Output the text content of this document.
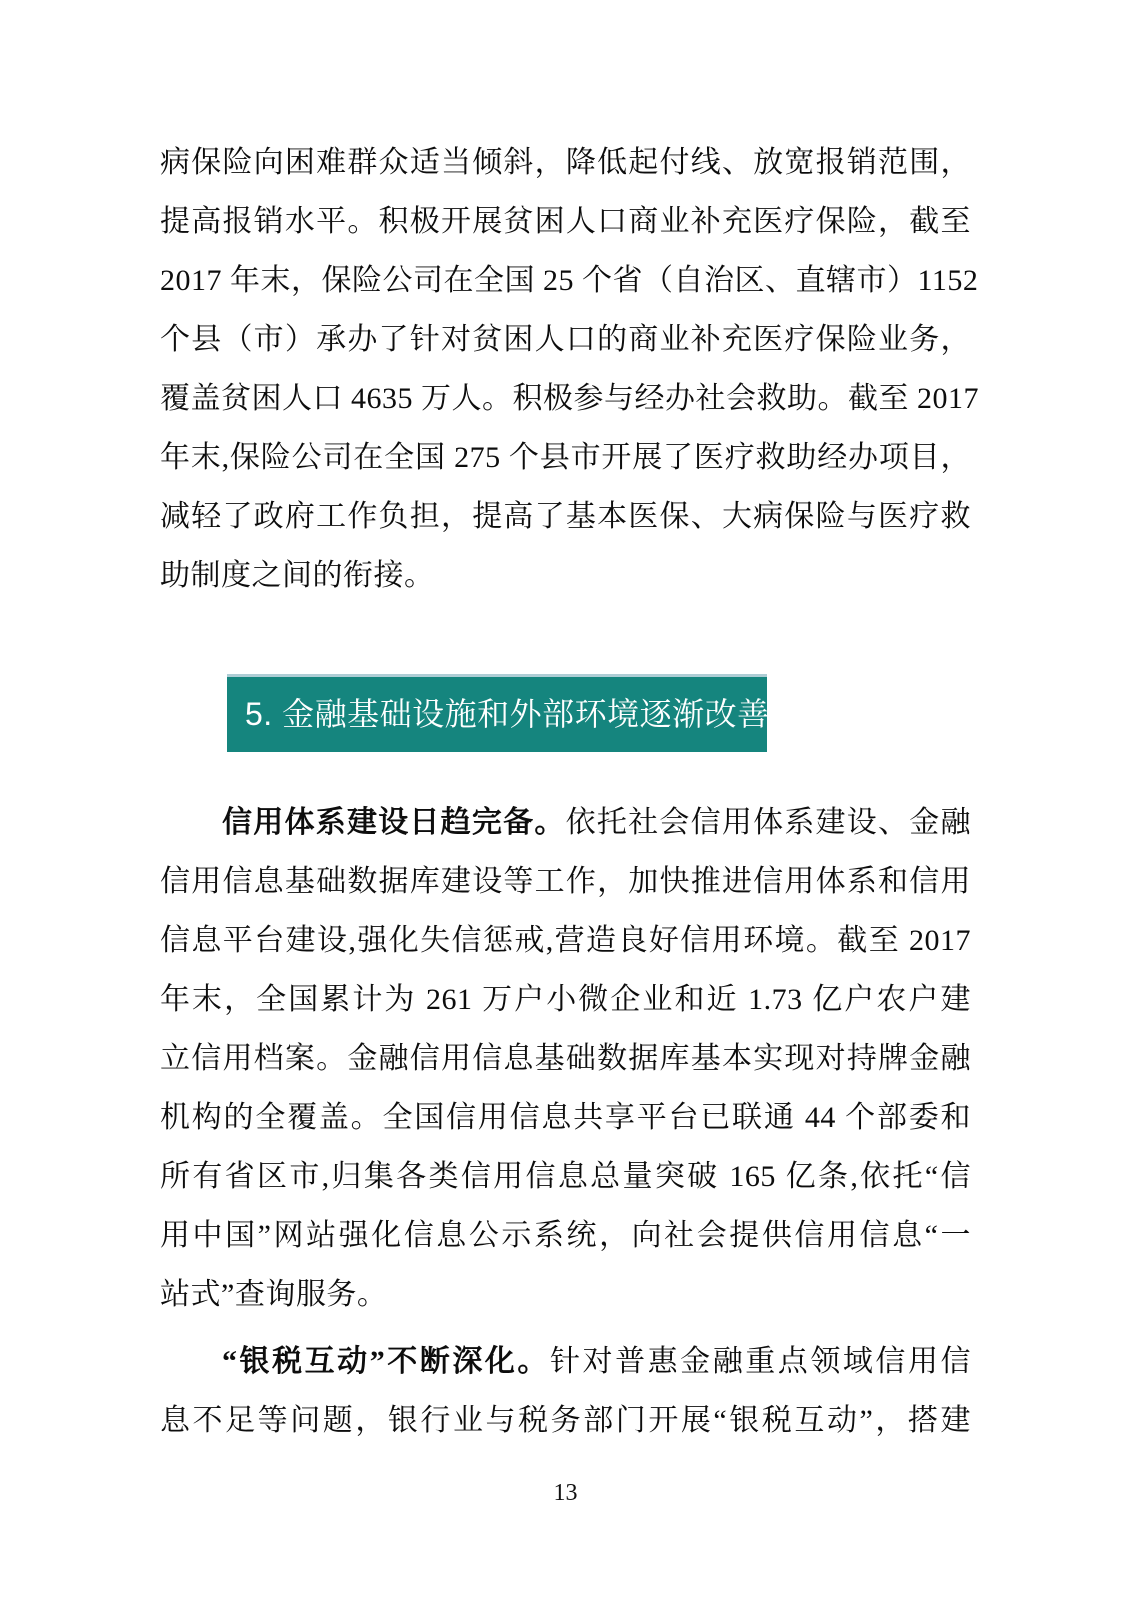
病保险向困难群众适当倾斜，降低起付线、放宽报销范围，
提高报销水平。积极开展贫困人口商业补充医疗保险，截至
2017 年末，保险公司在全国 25 个省（自治区、直辖市）1152
个县（市）承办了针对贫困人口的商业补充医疗保险业务，
覆盖贫困人口 4635 万人。积极参与经办社会救助。截至 2017
年末,保险公司在全国 275 个县市开展了医疗救助经办项目，
减轻了政府工作负担，提高了基本医保、大病保险与医疗救
助制度之间的衔接。
5. 金融基础设施和外部环境逐渐改善
信用体系建设日趋完备。依托社会信用体系建设、金融
信用信息基础数据库建设等工作，加快推进信用体系和信用
信息平台建设,强化失信惩戒,营造良好信用环境。截至 2017
年末，全国累计为 261 万户小微企业和近 1.73 亿户农户建
立信用档案。金融信用信息基础数据库基本实现对持牌金融
机构的全覆盖。全国信用信息共享平台已联通 44 个部委和
所有省区市,归集各类信用信息总量突破 165 亿条,依托“信
用中国”网站强化信息公示系统，向社会提供信用信息“一
站式”查询服务。
“银税互动”不断深化。针对普惠金融重点领域信用信
息不足等问题，银行业与税务部门开展“银税互动”，搭建
13
